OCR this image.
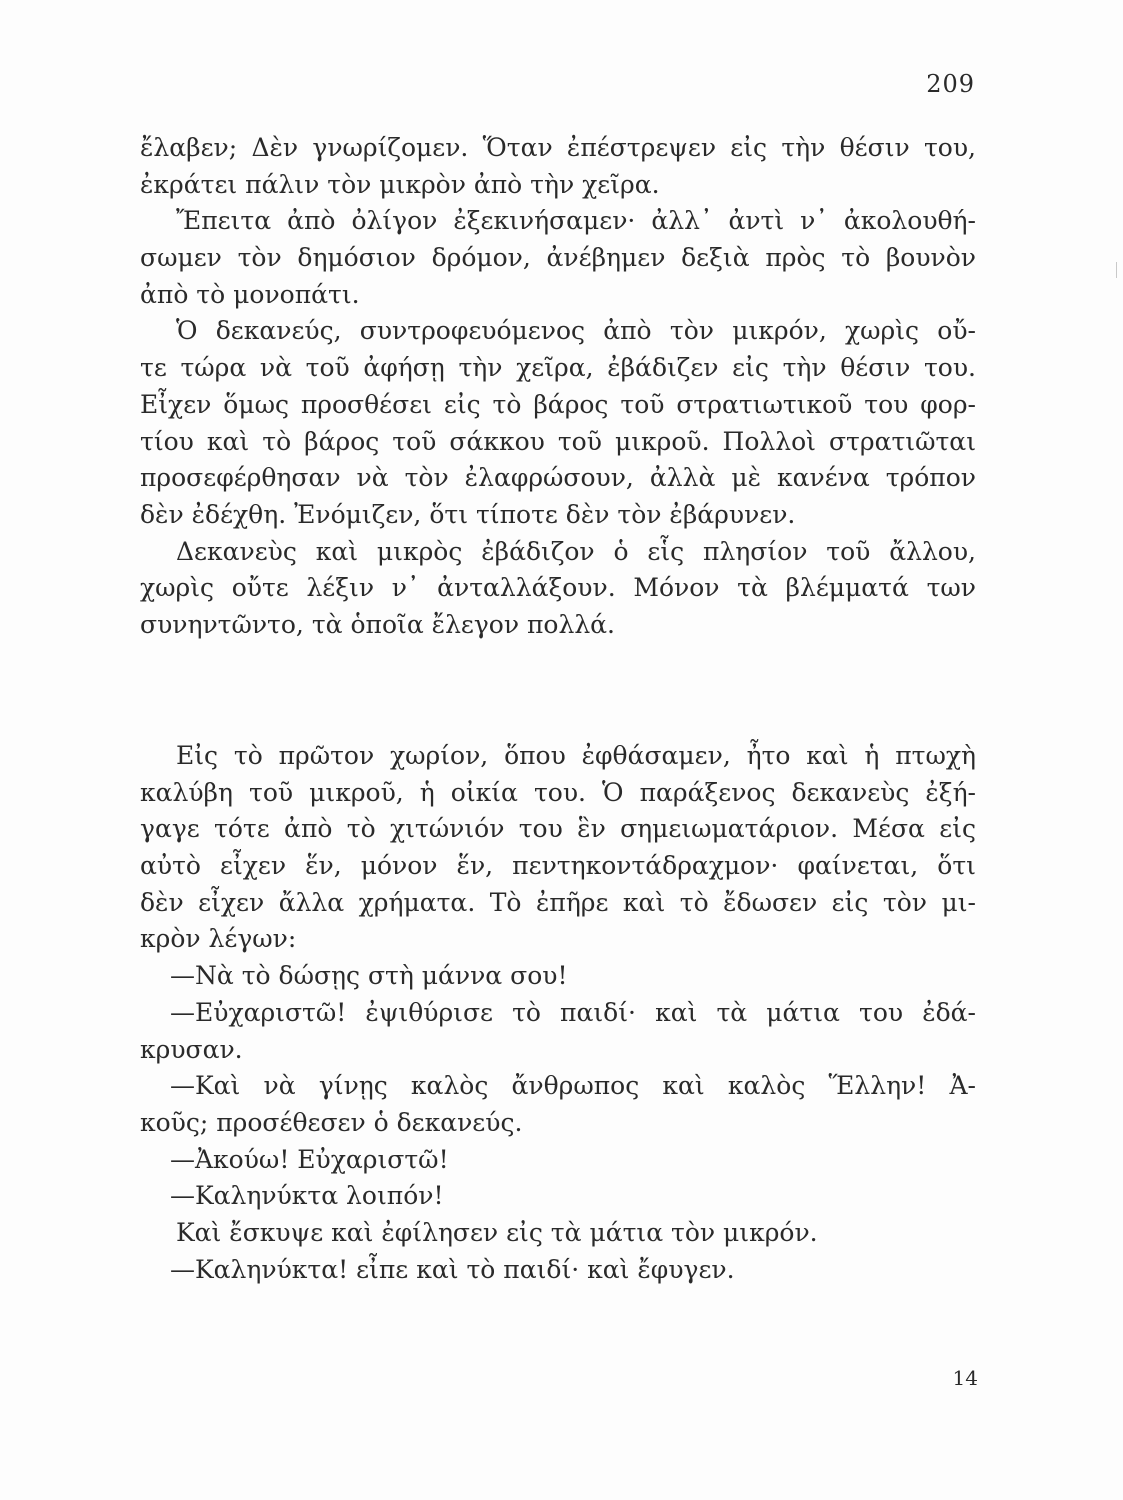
209
ἔλαβεν; Δὲν γνωρίζομεν. Ὅταν ἐπέστρεψεν εἰς τὴν θέσιν του,
ἐκράτει πάλιν τὸν μικρὸν ἀπὸ τὴν χεῖρα.
Ἔπειτα ἀπὸ ὀλίγον ἐξεκινήσαμεν· ἀλλ᾽ ἀντὶ ν᾽ ἀκολουθή-
σωμεν τὸν δημόσιον δρόμον, ἀνέβημεν δεξιὰ πρὸς τὸ βουνὸν
ἀπὸ τὸ μονοπάτι.
Ὁ δεκανεύς, συντροφευόμενος ἀπὸ τὸν μικρόν, χωρὶς οὔ-
τε τώρα νὰ τοῦ ἀφήσῃ τὴν χεῖρα, ἐβάδιζεν εἰς τὴν θέσιν του.
Εἶχεν ὅμως προσθέσει εἰς τὸ βάρος τοῦ στρατιωτικοῦ του φορ-
τίου καὶ τὸ βάρος τοῦ σάκκου τοῦ μικροῦ. Πολλοὶ στρατιῶται
προσεφέρθησαν νὰ τὸν ἐλαφρώσουν, ἀλλὰ μὲ κανένα τρόπον
δὲν ἐδέχθη. Ἐνόμιζεν, ὅτι τίποτε δὲν τὸν ἐβάρυνεν.
Δεκανεὺς καὶ μικρὸς ἐβάδιζον ὁ εἷς πλησίον τοῦ ἄλλου,
χωρὶς οὔτε λέξιν ν᾽ ἀνταλλάξουν. Μόνον τὰ βλέμματά των
συνηντῶντο, τὰ ὁποῖα ἔλεγον πολλά.
Εἰς τὸ πρῶτον χωρίον, ὅπου ἐφθάσαμεν, ἦτο καὶ ἡ πτωχὴ
καλύβη τοῦ μικροῦ, ἡ οἰκία του. Ὁ παράξενος δεκανεὺς ἐξή-
γαγε τότε ἀπὸ τὸ χιτώνιόν του ἓν σημειωματάριον. Μέσα εἰς
αὐτὸ εἶχεν ἕν, μόνον ἕν, πεντηκοντάδραχμον· φαίνεται, ὅτι
δὲν εἶχεν ἄλλα χρήματα. Τὸ ἐπῆρε καὶ τὸ ἔδωσεν εἰς τὸν μι-
κρὸν λέγων:
—Νὰ τὸ δώσῃς στὴ μάννα σου!
—Εὐχαριστῶ! ἐψιθύρισε τὸ παιδί· καὶ τὰ μάτια του ἐδά-
κρυσαν.
—Καὶ νὰ γίνῃς καλὸς ἄνθρωπος καὶ καλὸς Ἕλλην! Ἀ-
κοῦς; προσέθεσεν ὁ δεκανεύς.
—Ἀκούω! Εὐχαριστῶ!
—Καληνύκτα λοιπόν!
Καὶ ἔσκυψε καὶ ἐφίλησεν εἰς τὰ μάτια τὸν μικρόν.
—Καληνύκτα! εἶπε καὶ τὸ παιδί· καὶ ἔφυγεν.
14
